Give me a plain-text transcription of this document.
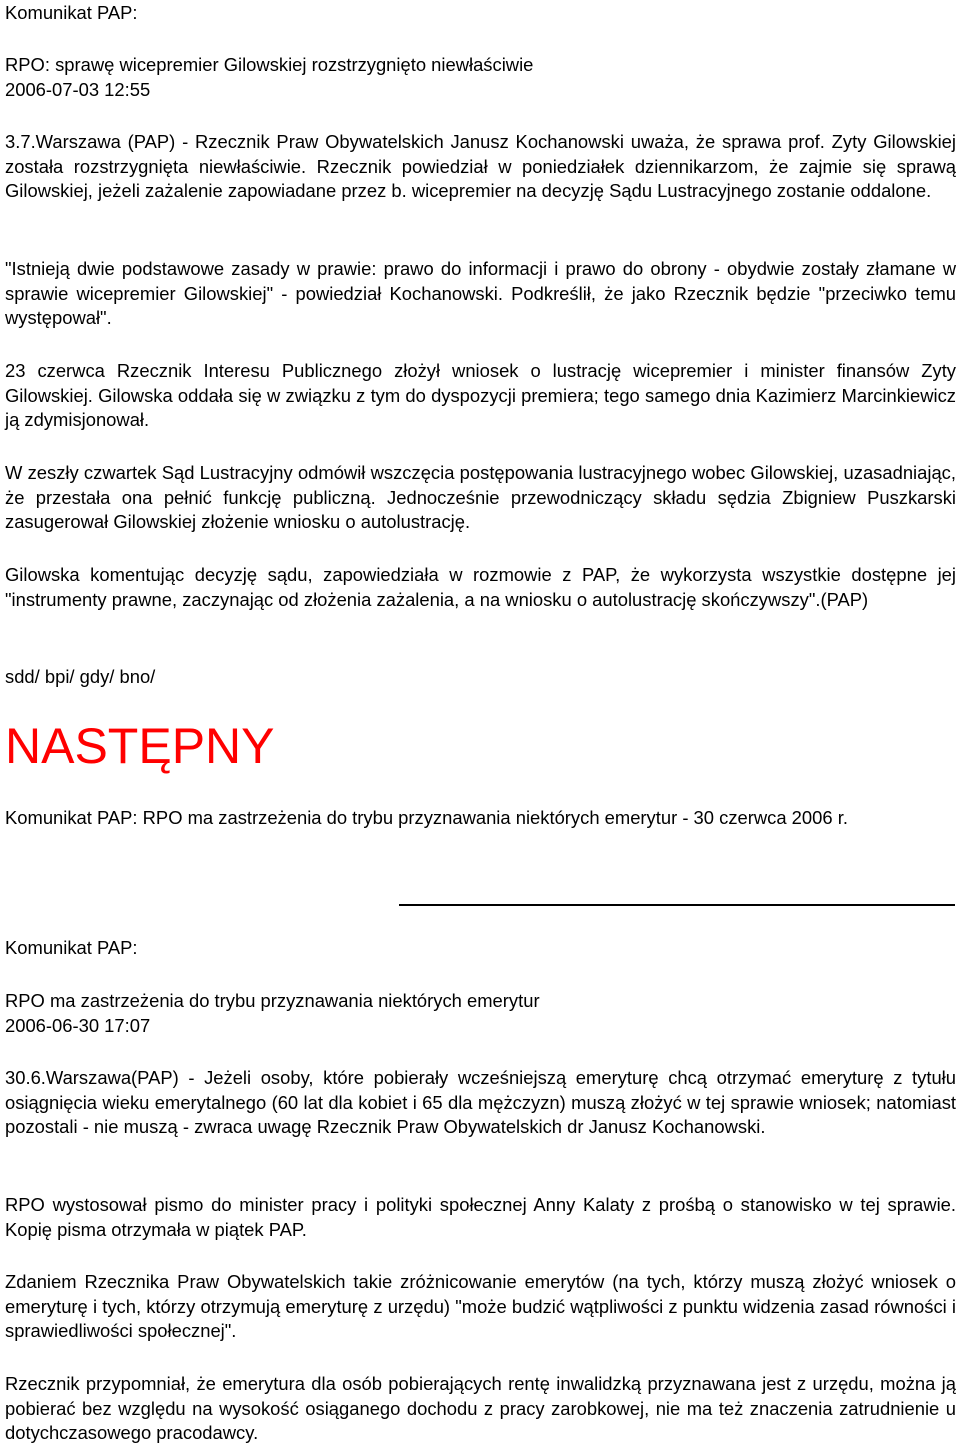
Komunikat PAP:

RPO: sprawę wicepremier Gilowskiej rozstrzygnięto niewłaściwie

2006-07-03 12:55

3.7.Warszawa (PAP) - Rzecznik Praw Obywatelskich Janusz Kochanowski uważa, że sprawa prof. Zyty Gilowskiej została rozstrzygnięta niewłaściwie. Rzecznik powiedział w poniedziałek dziennikarzom, że zajmie się sprawą Gilowskiej, jeżeli zażalenie zapowiadane przez b. wicepremier na decyzję Sądu Lustracyjnego zostanie oddalone.

"Istnieją dwie podstawowe zasady w prawie: prawo do informacji i prawo do obrony - obydwie zostały złamane w sprawie wicepremier Gilowskiej" - powiedział Kochanowski. Podkreślił, że jako Rzecznik będzie "przeciwko temu występował".

23 czerwca Rzecznik Interesu Publicznego złożył wniosek o lustrację wicepremier i minister finansów Zyty Gilowskiej. Gilowska oddała się w związku z tym do dyspozycji premiera; tego samego dnia Kazimierz Marcinkiewicz ją zdymisjonował.

W zeszły czwartek Sąd Lustracyjny odmówił wszczęcia postępowania lustracyjnego wobec Gilowskiej, uzasadniając, że przestała ona pełnić funkcję publiczną. Jednocześnie przewodniczący składu sędzia Zbigniew Puszkarski zasugerował Gilowskiej złożenie wniosku o autolustrację.

Gilowska komentując decyzję sądu, zapowiedziała w rozmowie z PAP, że wykorzysta wszystkie dostępne jej "instrumenty prawne, zaczynając od złożenia zażalenia, a na wniosku o autolustrację skończywszy".(PAP)

sdd/ bpi/ gdy/ bno/

NASTĘPNY

Komunikat PAP: RPO ma zastrzeżenia do trybu przyznawania niektórych emerytur - 30 czerwca 2006 r.

Komunikat PAP:

RPO ma zastrzeżenia do trybu przyznawania niektórych emerytur

2006-06-30 17:07

30.6.Warszawa(PAP) - Jeżeli osoby, które pobierały wcześniejszą emeryturę chcą otrzymać emeryturę z tytułu osiągnięcia wieku emerytalnego (60 lat dla kobiet i 65 dla mężczyzn) muszą złożyć w tej sprawie wniosek; natomiast pozostali - nie muszą - zwraca uwagę Rzecznik Praw Obywatelskich dr Janusz Kochanowski.

RPO wystosował pismo do minister pracy i polityki społecznej Anny Kalaty z prośbą o stanowisko w tej sprawie. Kopię pisma otrzymała w piątek PAP.

Zdaniem Rzecznika Praw Obywatelskich takie zróżnicowanie emerytów (na tych, którzy muszą złożyć wniosek o emeryturę i tych, którzy otrzymują emeryturę z urzędu) "może budzić wątpliwości z punktu widzenia zasad równości i sprawiedliwości społecznej".

Rzecznik przypomniał, że emerytura dla osób pobierających rentę inwalidzką przyznawana jest z urzędu, można ją pobierać bez względu na wysokość osiąganego dochodu z pracy zarobkowej, nie ma też znaczenia zatrudnienie u dotychczasowego pracodawcy.
